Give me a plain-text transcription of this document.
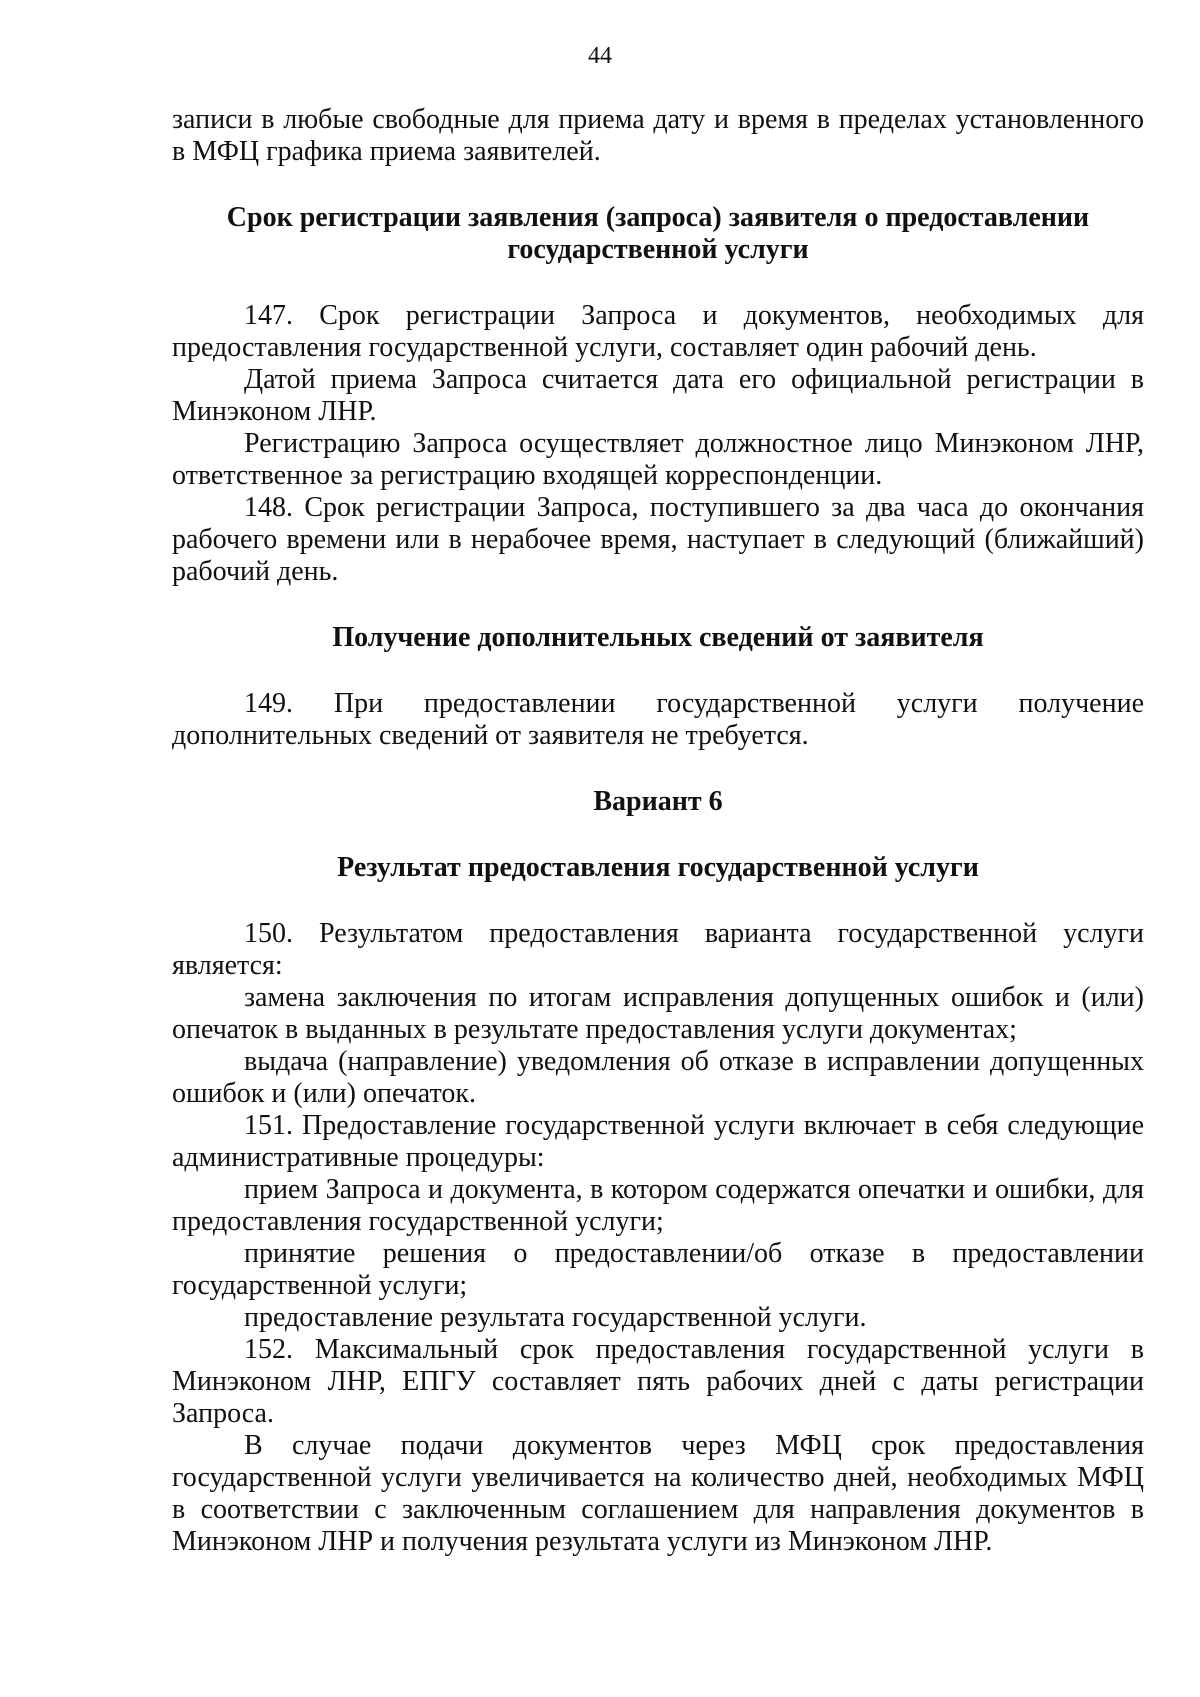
44

записи в любые свободные для приема дату и время в пределах установленного в МФЦ графика приема заявителей.

Срок регистрации заявления (запроса) заявителя о предоставлении государственной услуги

147. Срок регистрации Запроса и документов, необходимых для предоставления государственной услуги, составляет один рабочий день.

Датой приема Запроса считается дата его официальной регистрации в Минэконом ЛНР.

Регистрацию Запроса осуществляет должностное лицо Минэконом ЛНР, ответственное за регистрацию входящей корреспонденции.

148. Срок регистрации Запроса, поступившего за два часа до окончания рабочего времени или в нерабочее время, наступает в следующий (ближайший) рабочий день.

Получение дополнительных сведений от заявителя

149. При предоставлении государственной услуги получение дополнительных сведений от заявителя не требуется.

Вариант 6

Результат предоставления государственной услуги

150. Результатом предоставления варианта государственной услуги является:

замена заключения по итогам исправления допущенных ошибок и (или) опечаток в выданных в результате предоставления услуги документах;

выдача (направление) уведомления об отказе в исправлении допущенных ошибок и (или) опечаток.

151. Предоставление государственной услуги включает в себя следующие административные процедуры:

прием Запроса и документа, в котором содержатся опечатки и ошибки, для предоставления государственной услуги;

принятие решения о предоставлении/об отказе в предоставлении государственной услуги;

предоставление результата государственной услуги.

152. Максимальный срок предоставления государственной услуги в Минэконом ЛНР, ЕПГУ составляет пять рабочих дней с даты регистрации Запроса.

В случае подачи документов через МФЦ срок предоставления государственной услуги увеличивается на количество дней, необходимых МФЦ в соответствии с заключенным соглашением для направления документов в Минэконом ЛНР и получения результата услуги из Минэконом ЛНР.
